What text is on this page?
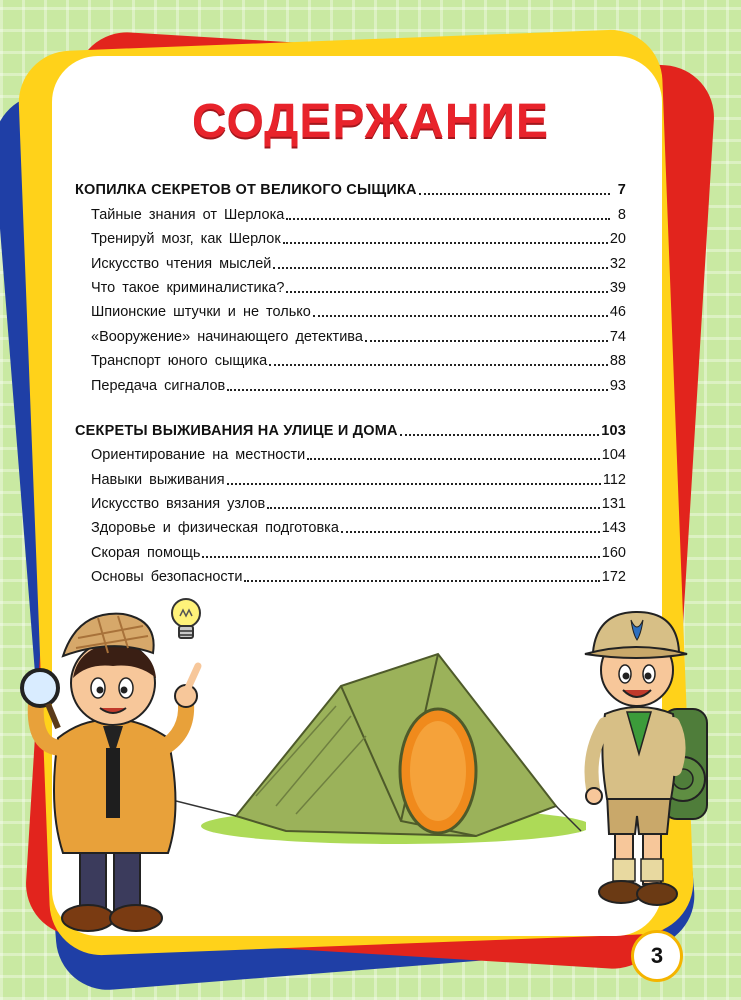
СОДЕРЖАНИЕ
КОПИЛКА СЕКРЕТОВ ОТ ВЕЛИКОГО СЫЩИКА	7
Тайные знания от Шерлока	8
Тренируй мозг, как Шерлок	20
Искусство чтения мыслей	32
Что такое криминалистика?	39
Шпионские штучки и не только	46
«Вооружение» начинающего детектива	74
Транспорт юного сыщика	88
Передача сигналов	93
СЕКРЕТЫ ВЫЖИВАНИЯ НА УЛИЦЕ И ДОМА	103
Ориентирование на местности	104
Навыки выживания	112
Искусство вязания узлов	131
Здоровье и физическая подготовка	143
Скорая помощь	160
Основы безопасности	172
3
